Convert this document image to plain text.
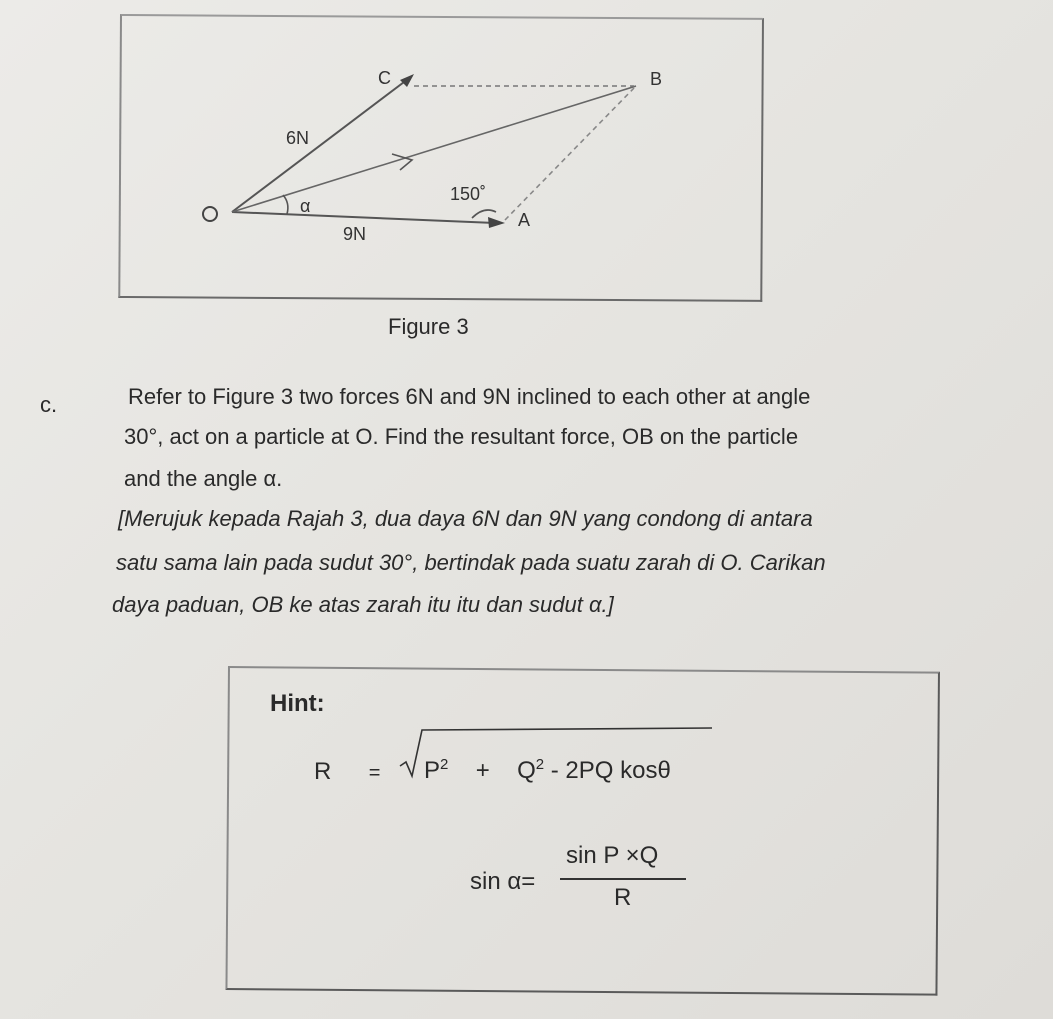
C	B
6N
α
150˚
A
9N
Figure 3
c.	Refer to Figure 3 two forces 6N and 9N inclined to each other at angle
30°, act on a particle at O. Find the resultant force, OB on the particle
and the angle α.
[Merujuk kepada Rajah 3, dua daya 6N dan 9N yang condong di antara
satu sama lain pada sudut 30°, bertindak pada suatu zarah di O. Carikan
daya paduan, OB ke atas zarah itu itu dan sudut α.]
Hint:
$R = P^2 + Q^2 - 2PQ$ kosθ
sin α=
sin P ×Q
R
